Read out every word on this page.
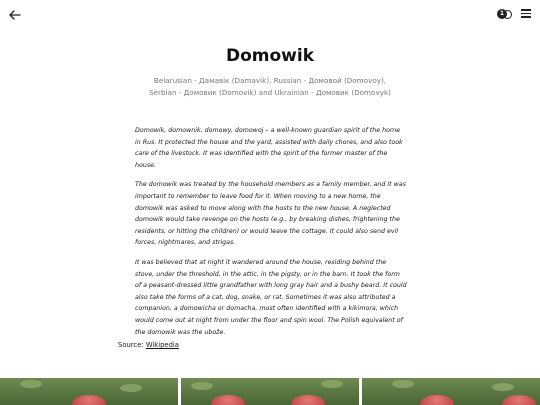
1
Domowik
Belarusian - Дамавік (Damavik), Russian - Домовой (Domovoy),
Serbian - Домовик (Domovik) and Ukrainian - Домовик (Domovyk)

Domowik, domownik, domowy, domowoj – a well-known guardian spirit of the home in Rus. It protected the house and the yard, assisted with daily chores, and also took care of the livestock. It was identified with the spirit of the former master of the house.

The domowik was treated by the household members as a family member, and it was important to remember to leave food for it. When moving to a new home, the domowik was asked to move along with the hosts to the new house. A neglected domowik would take revenge on the hosts (e.g., by breaking dishes, frightening the residents, or hitting the children) or would leave the cottage. It could also send evil forces, nightmares, and strigas.

It was believed that at night it wandered around the house, residing behind the stove, under the threshold, in the attic, in the pigsty, or in the barn. It took the form of a peasant-dressed little grandfather with long gray hair and a bushy beard. It could also take the forms of a cat, dog, snake, or rat. Sometimes it was also attributed a companion, a domowicha or domacha, most often identified with a kikimora, which would come out at night from under the floor and spin wool. The Polish equivalent of the domowik was the ubože.

Source: Wikipedia
